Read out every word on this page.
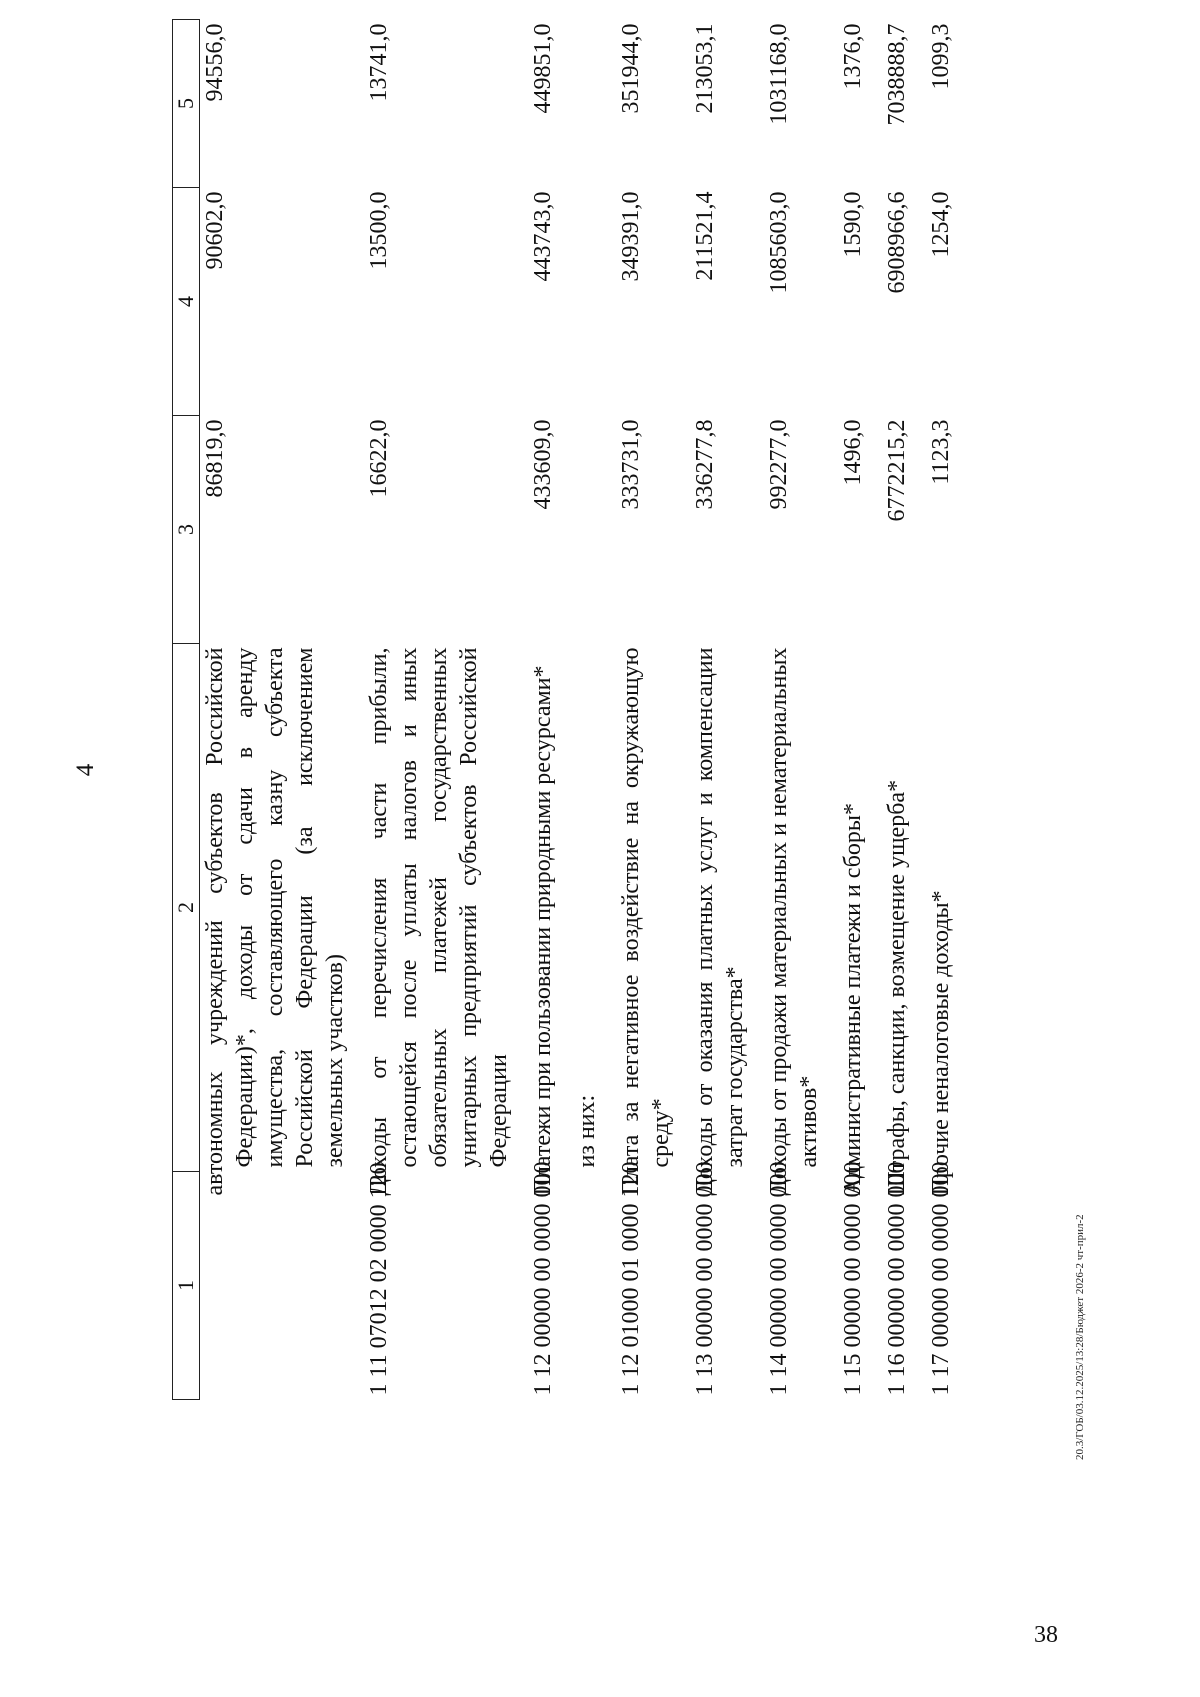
4
1	2	3	4	5
	автономных учреждений субъектов Российской Федерации)*, доходы от сдачи в аренду имущества, составляющего казну субъекта Российской Федерации (за исключением земельных участков)	86819,0	90602,0	94556,0

1 11 07012 02 0000 120	Доходы от перечисления части прибыли, остающейся после уплаты налогов и иных обязательных платежей государственных унитарных предприятий субъектов Российской Федерации	16622,0	13500,0	13741,0

1 12 00000 00 0000 000	Платежи при пользовании природными ресурсами*	433609,0	443743,0	449851,0

	из них:			

1 12 01000 01 0000 120	Плата за негативное воздействие на окружающую среду*	333731,0	349391,0	351944,0

1 13 00000 00 0000 000	Доходы от оказания платных услуг и компенсации затрат государства*	336277,8	211521,4	213053,1

1 14 00000 00 0000 000	Доходы от продажи материальных и нематериальных активов*	992277,0	1085603,0	1031168,0

1 15 00000 00 0000 000	Административные платежи и сборы*	1496,0	1590,0	1376,0

1 16 00000 00 0000 000	Штрафы, санкции, возмещение ущерба*	6772215,2	6908966,6	7038888,7

1 17 00000 00 0000 000	Прочие неналоговые доходы*	1123,3	1254,0	1099,3
20.3/ГОБ/03.12.2025/13:28/Бюджет 2026-2 чт-прил-2
38
